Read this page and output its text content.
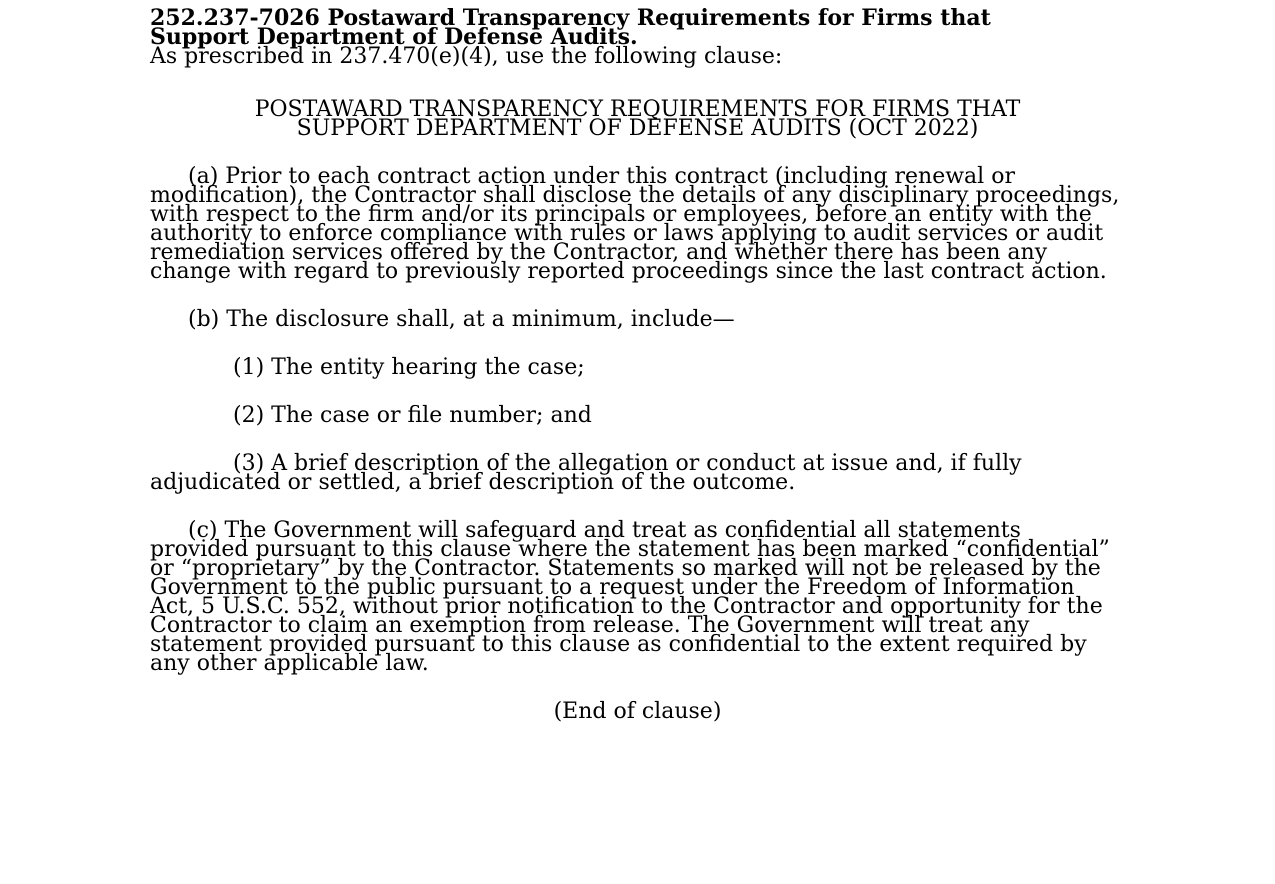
252.237-7026 Postaward Transparency Requirements for Firms that
Support Department of Defense Audits.

As prescribed in 237.470(e)(4), use the following clause:

POSTAWARD TRANSPARENCY REQUIREMENTS FOR FIRMS THAT
SUPPORT DEPARTMENT OF DEFENSE AUDITS (OCT 2022)

(a) Prior to each contract action under this contract (including renewal or modification), the Contractor shall disclose the details of any disciplinary proceedings, with respect to the firm and/or its principals or employees, before an entity with the authority to enforce compliance with rules or laws applying to audit services or audit remediation services offered by the Contractor, and whether there has been any change with regard to previously reported proceedings since the last contract action.

(b) The disclosure shall, at a minimum, include—

(1) The entity hearing the case;

(2) The case or file number; and

(3) A brief description of the allegation or conduct at issue and, if fully adjudicated or settled, a brief description of the outcome.

(c) The Government will safeguard and treat as confidential all statements provided pursuant to this clause where the statement has been marked “confidential” or “proprietary” by the Contractor. Statements so marked will not be released by the Government to the public pursuant to a request under the Freedom of Information Act, 5 U.S.C. 552, without prior notification to the Contractor and opportunity for the Contractor to claim an exemption from release. The Government will treat any statement provided pursuant to this clause as confidential to the extent required by any other applicable law.

(End of clause)
